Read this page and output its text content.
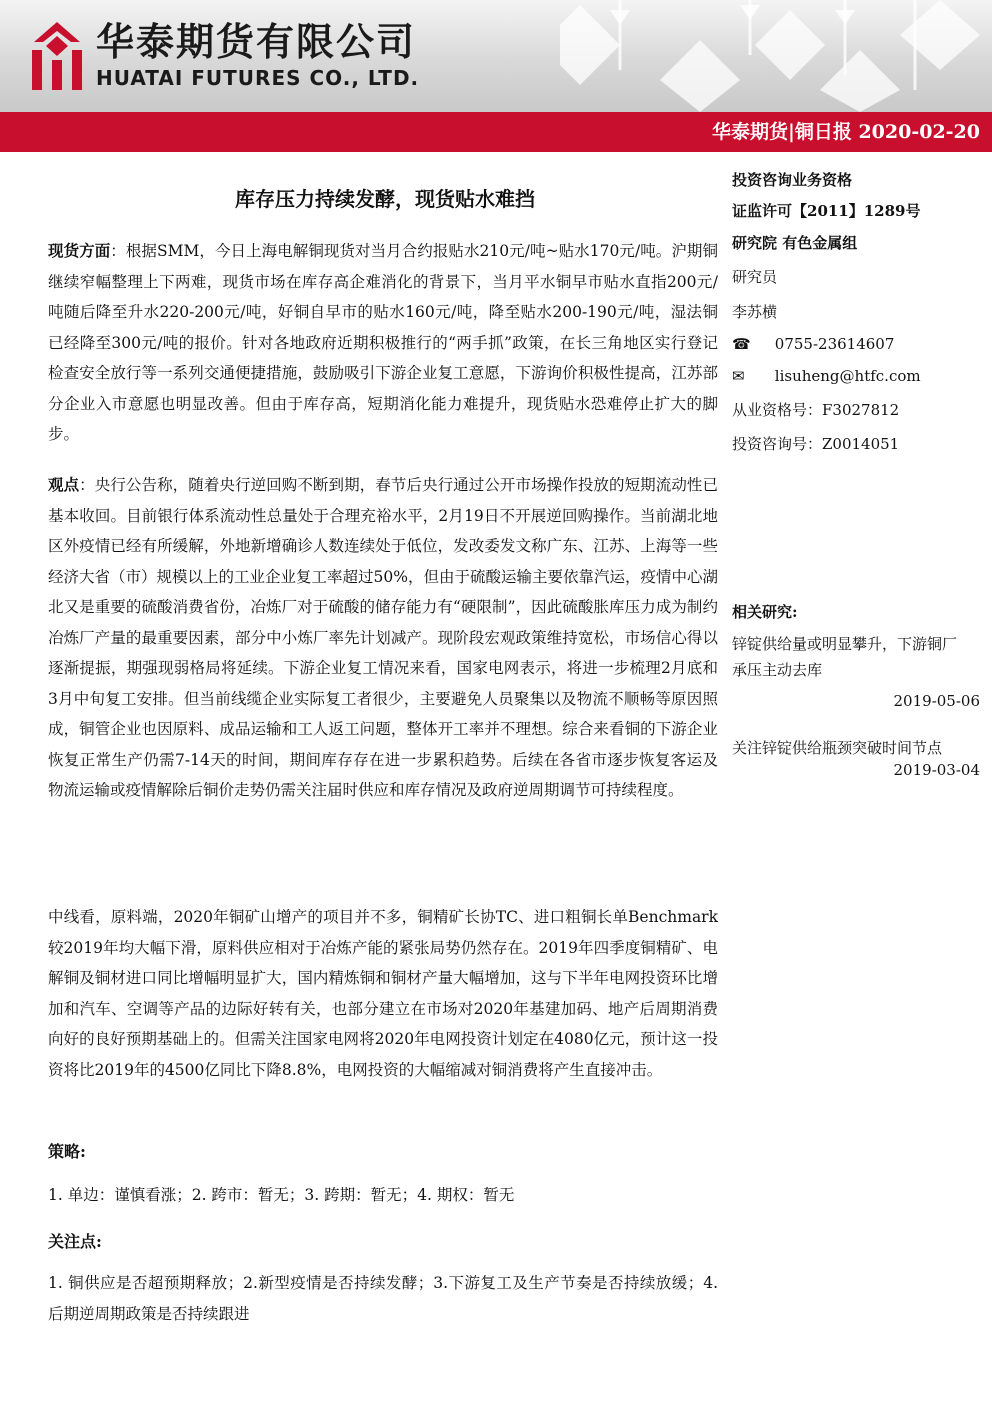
华泰期货有限公司
HUATAI FUTURES CO., LTD.
华泰期货|铜日报 2020-02-20
库存压力持续发酵，现货贴水难挡

现货方面：根据SMM，今日上海电解铜现货对当月合约报贴水210元/吨~贴水170元/吨。沪期铜继续窄幅整理上下两难，现货市场在库存高企难消化的背景下，当月平水铜早市贴水直指200元/吨随后降至升水220-200元/吨，好铜自早市的贴水160元/吨，降至贴水200-190元/吨，湿法铜已经降至300元/吨的报价。针对各地政府近期积极推行的“两手抓”政策，在长三角地区实行登记检查安全放行等一系列交通便捷措施，鼓励吸引下游企业复工意愿，下游询价积极性提高，江苏部分企业入市意愿也明显改善。但由于库存高，短期消化能力难提升，现货贴水恐难停止扩大的脚步。

观点：央行公告称，随着央行逆回购不断到期，春节后央行通过公开市场操作投放的短期流动性已基本收回。目前银行体系流动性总量处于合理充裕水平，2月19日不开展逆回购操作。当前湖北地区外疫情已经有所缓解，外地新增确诊人数连续处于低位，发改委发文称广东、江苏、上海等一些经济大省（市）规模以上的工业企业复工率超过50%，但由于硫酸运输主要依靠汽运，疫情中心湖北又是重要的硫酸消费省份，冶炼厂对于硫酸的储存能力有“硬限制”，因此硫酸胀库压力成为制约冶炼厂产量的最重要因素，部分中小炼厂率先计划减产。现阶段宏观政策维持宽松，市场信心得以逐渐提振，期强现弱格局将延续。下游企业复工情况来看，国家电网表示，将进一步梳理2月底和3月中旬复工安排。但当前线缆企业实际复工者很少，主要避免人员聚集以及物流不顺畅等原因照成，铜管企业也因原料、成品运输和工人返工问题，整体开工率并不理想。综合来看铜的下游企业恢复正常生产仍需7-14天的时间，期间库存存在进一步累积趋势。后续在各省市逐步恢复客运及物流运输或疫情解除后铜价走势仍需关注届时供应和库存情况及政府逆周期调节可持续程度。

中线看，原料端，2020年铜矿山增产的项目并不多，铜精矿长协TC、进口粗铜长单Benchmark较2019年均大幅下滑，原料供应相对于冶炼产能的紧张局势仍然存在。2019年四季度铜精矿、电解铜及铜材进口同比增幅明显扩大，国内精炼铜和铜材产量大幅增加，这与下半年电网投资环比增加和汽车、空调等产品的边际好转有关，也部分建立在市场对2020年基建加码、地产后周期消费向好的良好预期基础上的。但需关注国家电网将2020年电网投资计划定在4080亿元，预计这一投资将比2019年的4500亿同比下降8.8%，电网投资的大幅缩减对铜消费将产生直接冲击。

策略:

1. 单边：谨慎看涨；2. 跨市：暂无；3. 跨期：暂无；4. 期权：暂无

关注点:

1. 铜供应是否超预期释放；2.新型疫情是否持续发酵；3.下游复工及生产节奏是否持续放缓；4. 后期逆周期政策是否持续跟进

投资咨询业务资格
证监许可【2011】1289号
研究院 有色金属组
研究员
李苏横
☎ 0755-23614607
✉ lisuheng@htfc.com
从业资格号：F3027812
投资咨询号：Z0014051
相关研究:
锌锭供给量或明显攀升，下游铜厂
承压主动去库
2019-05-06
关注锌锭供给瓶颈突破时间节点
2019-03-04
